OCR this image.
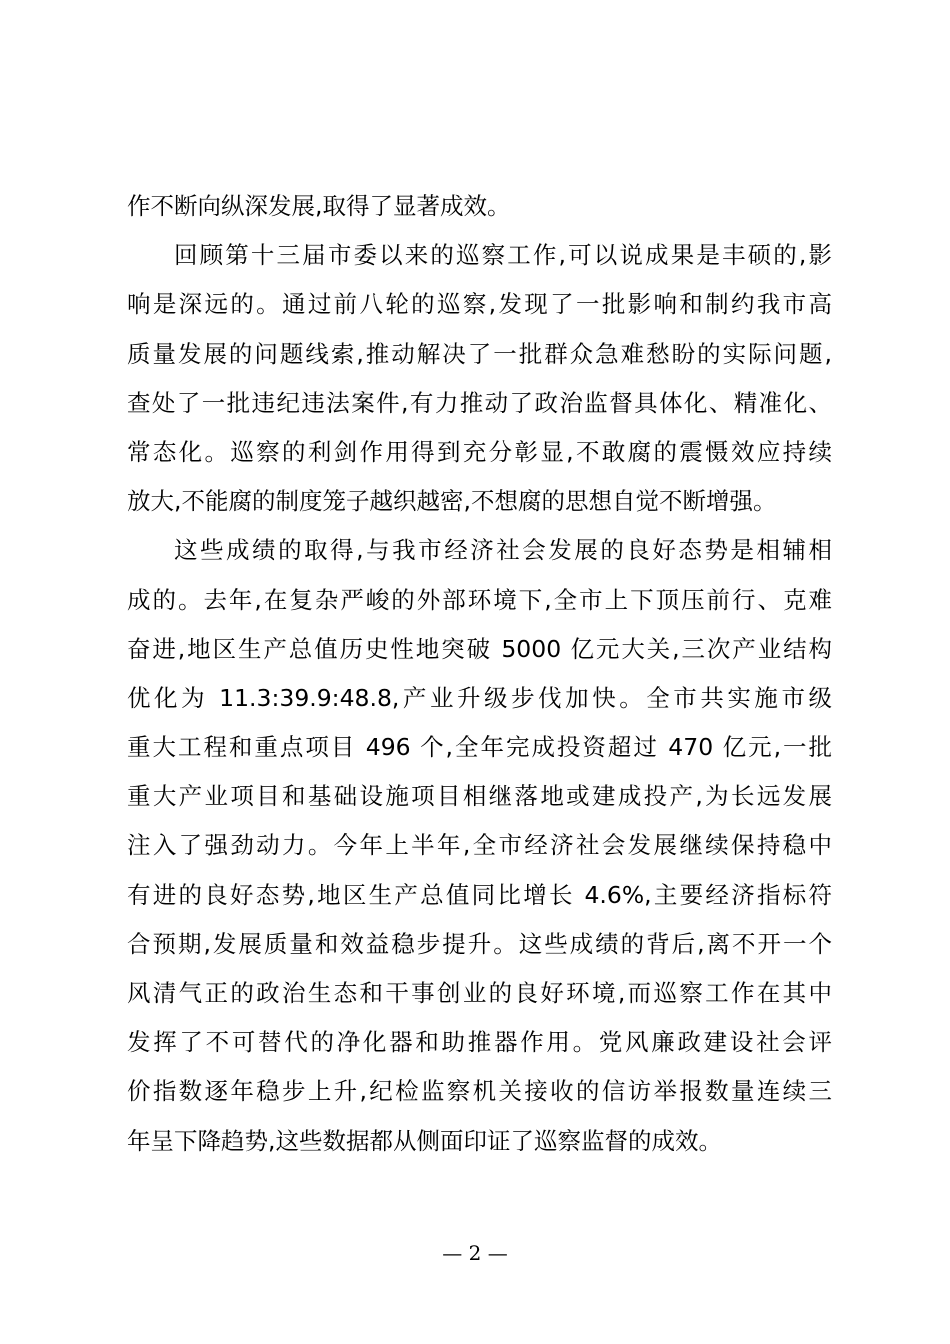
作不断向纵深发展,取得了显著成效。
回顾第十三届市委以来的巡察工作,可以说成果是丰硕的,影
响是深远的。通过前八轮的巡察,发现了一批影响和制约我市高
质量发展的问题线索,推动解决了一批群众急难愁盼的实际问题,
查处了一批违纪违法案件,有力推动了政治监督具体化、精准化、
常态化。巡察的利剑作用得到充分彰显,不敢腐的震慑效应持续
放大,不能腐的制度笼子越织越密,不想腐的思想自觉不断增强。
这些成绩的取得,与我市经济社会发展的良好态势是相辅相
成的。去年,在复杂严峻的外部环境下,全市上下顶压前行、克难
奋进,地区生产总值历史性地突破 5000 亿元大关,三次产业结构
优化为 11.3:39.9:48.8,产业升级步伐加快。全市共实施市级
重大工程和重点项目 496 个,全年完成投资超过 470 亿元,一批
重大产业项目和基础设施项目相继落地或建成投产,为长远发展
注入了强劲动力。今年上半年,全市经济社会发展继续保持稳中
有进的良好态势,地区生产总值同比增长 4.6%,主要经济指标符
合预期,发展质量和效益稳步提升。这些成绩的背后,离不开一个
风清气正的政治生态和干事创业的良好环境,而巡察工作在其中
发挥了不可替代的净化器和助推器作用。党风廉政建设社会评
价指数逐年稳步上升,纪检监察机关接收的信访举报数量连续三
年呈下降趋势,这些数据都从侧面印证了巡察监督的成效。
— 2 —
